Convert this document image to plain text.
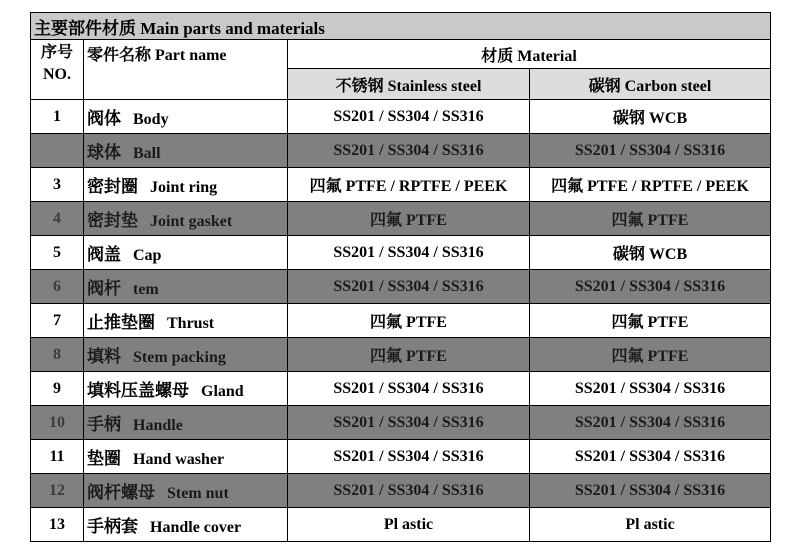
主要部件材质 Main parts and materials			

序号
NO.	零件名称 Part name	材质 Material	
		不锈钢 Stainless steel	碳钢 Carbon steel
1	阀体 Body	SS201 / SS304 / SS316	碳钢 WCB
	球体 Ball	SS201 / SS304 / SS316	SS201 / SS304 / SS316
3	密封圈 Joint ring	四氟 PTFE / RPTFE / PEEK	四氟 PTFE / RPTFE / PEEK
4	密封垫 Joint gasket	四氟 PTFE	四氟 PTFE
5	阀盖 Cap	SS201 / SS304 / SS316	碳钢 WCB
6	阀杆 tem	SS201 / SS304 / SS316	SS201 / SS304 / SS316
7	止推垫圈 Thrust	四氟 PTFE	四氟 PTFE
8	填料 Stem packing	四氟 PTFE	四氟 PTFE
9	填料压盖螺母 Gland	SS201 / SS304 / SS316	SS201 / SS304 / SS316
10	手柄 Handle	SS201 / SS304 / SS316	SS201 / SS304 / SS316
11	垫圈 Hand washer	SS201 / SS304 / SS316	SS201 / SS304 / SS316
12	阀杆螺母 Stem nut	SS201 / SS304 / SS316	SS201 / SS304 / SS316
13	手柄套 Handle cover	Pl astic	Pl astic
